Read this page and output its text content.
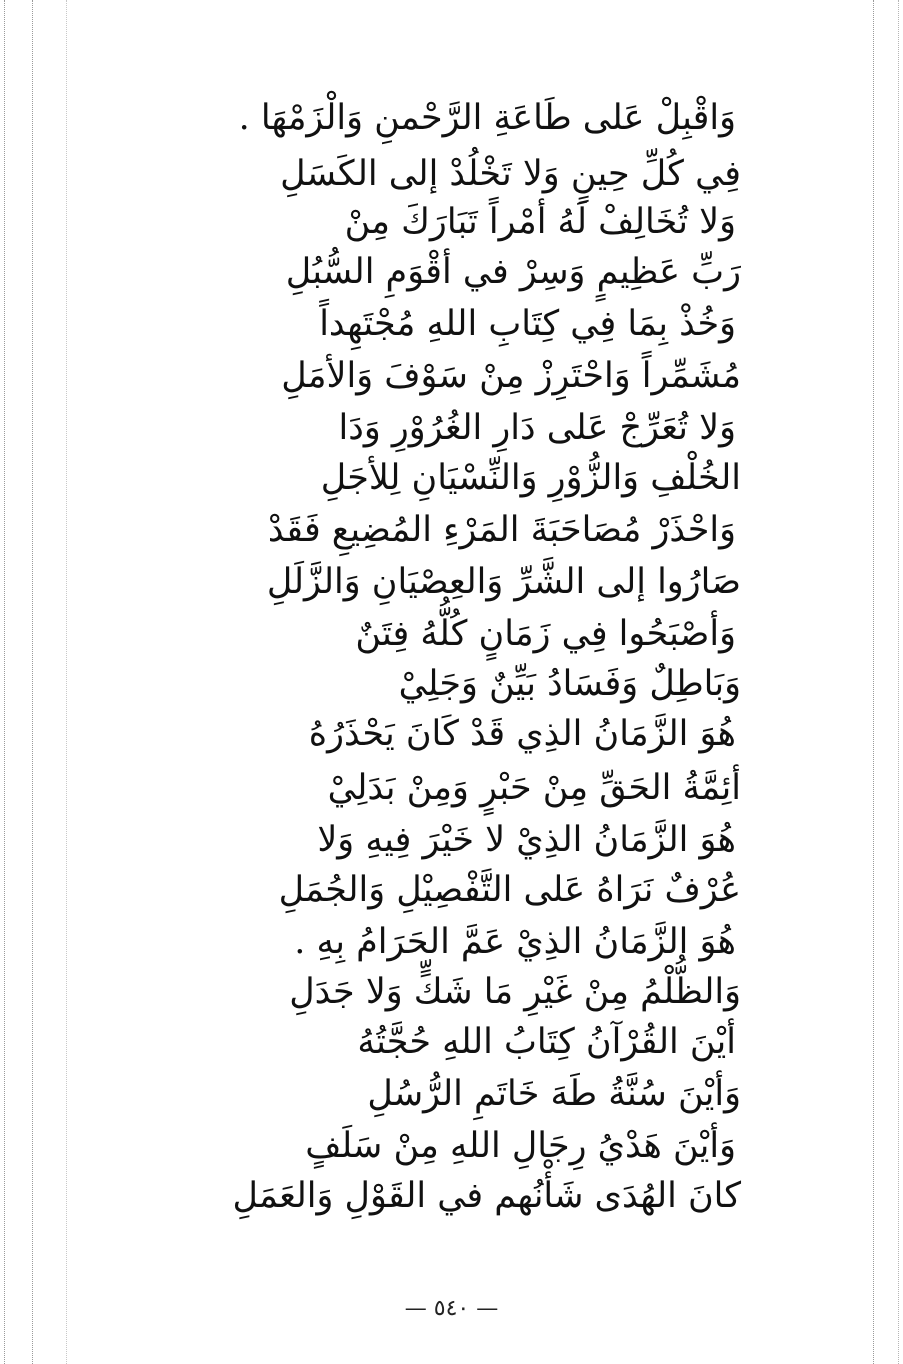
وَاقْبِلْ عَلى طَاعَةِ الرَّحْمنِ وَالْزَمْهَا .
فِي كُلِّ حِينٍ وَلا تَخْلُدْ إلى الكَسَلِ
وَلا تُخَالِفْ لَهُ أمْراً تَبَارَكَ مِنْ
رَبِّ عَظِيمٍ وَسِرْ في أقْوَمِ السُّبُلِ
وَخُذْ بِمَا فِي كِتَابِ اللهِ مُجْتَهِداً
مُشَمِّراً وَاحْتَرِزْ مِنْ سَوْفَ وَالأمَلِ
وَلا تُعَرِّجْ عَلى دَارِ الغُرُوْرِ وَدَا
الخُلْفِ وَالزُّوْرِ وَالنِّسْيَانِ لِلأجَلِ
وَاحْذَرْ مُصَاحَبَةَ المَرْءِ المُضِيعِ فَقَدْ
صَارُوا إلى الشَّرِّ وَالعِصْيَانِ وَالزَّلَلِ
وَأصْبَحُوا فِي زَمَانٍ كُلُّهُ فِتَنٌ
وَبَاطِلٌ وَفَسَادُ بَيِّنٌ وَجَلِيْ
هُوَ الزَّمَانُ الذِي قَدْ كَانَ يَحْذَرُهُ
أئِمَّةُ الحَقِّ مِنْ حَبْرٍ وَمِنْ بَدَلِيْ
هُوَ الزَّمَانُ الذِيْ لا خَيْرَ فِيهِ وَلا
عُرْفٌ نَرَاهُ عَلى التَّفْصِيْلِ وَالجُمَلِ
هُوَ الزَّمَانُ الذِيْ عَمَّ الحَرَامُ بِهِ .
وَالظُّلْمُ مِنْ غَيْرِ مَا شَكٍّ وَلا جَدَلِ
أيْنَ القُرْآنُ كِتَابُ اللهِ حُجَّتُهُ
وَأيْنَ سُنَّةُ طَهَ خَاتَمِ الرُّسُلِ
وَأيْنَ هَدْيُ رِجَالِ اللهِ مِنْ سَلَفٍ
كانَ الهُدَى شَأْنُهم في القَوْلِ وَالعَمَلِ
— ٥٤٠ —
